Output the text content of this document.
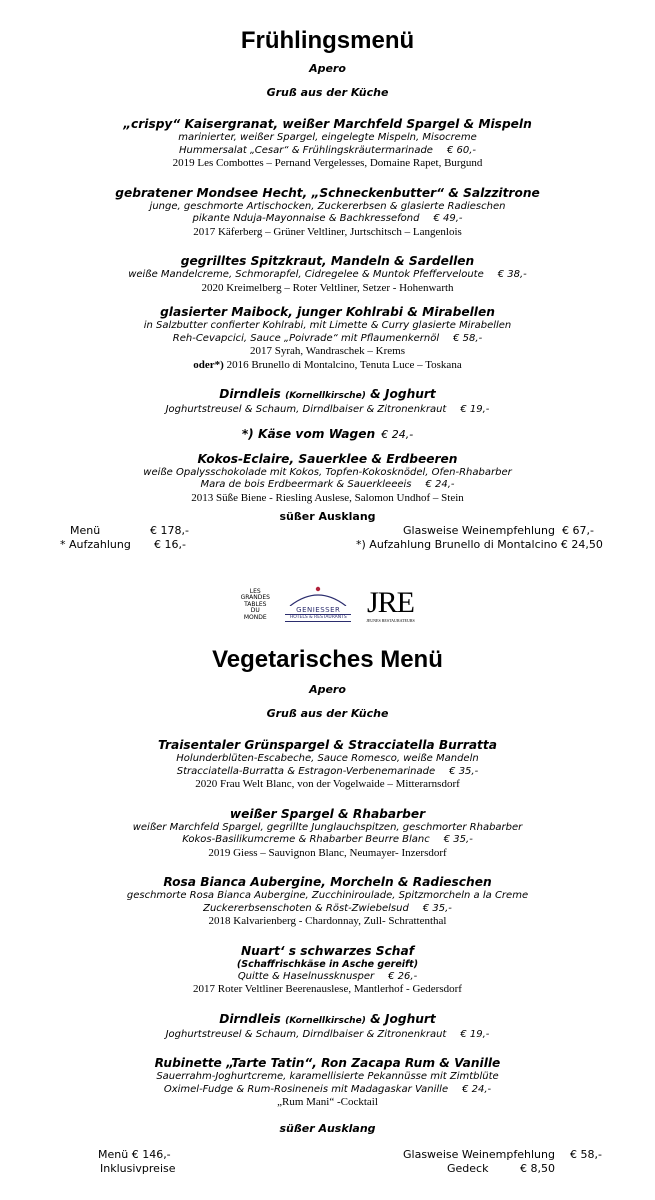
Frühlingsmenü
Apero
Gruß aus der Küche
„crispy“ Kaisergranat, weißer Marchfeld Spargel & Mispeln
marinierter, weißer Spargel, eingelegte Mispeln, Misocreme
Hummersalat „Cesar“ & Frühlingskräutermarinade € 60,-
2019 Les Combottes – Pernand Vergelesses, Domaine Rapet, Burgund
gebratener Mondsee Hecht, „Schneckenbutter“ & Salzzitrone
junge, geschmorte Artischocken, Zuckererbsen & glasierte Radieschen
pikante Nduja-Mayonnaise & Bachkressefond € 49,-
2017 Käferberg – Grüner Veltliner, Jurtschitsch – Langenlois
gegrilltes Spitzkraut, Mandeln & Sardellen
weiße Mandelcreme, Schmorapfel, Cidregelee & Muntok Pfefferveloute € 38,-
2020 Kreimelberg – Roter Veltliner, Setzer - Hohenwarth
glasierter Maibock, junger Kohlrabi & Mirabellen
in Salzbutter confierter Kohlrabi, mit Limette & Curry glasierte Mirabellen
Reh-Cevapcici, Sauce „Poivrade“ mit Pflaumenkernöl € 58,-
2017 Syrah, Wandraschek – Krems
oder*) 2016 Brunello di Montalcino, Tenuta Luce – Toskana
Dirndleis (Kornellkirsche) & Joghurt
Joghurtstreusel & Schaum, Dirndlbaiser & Zitronenkraut € 19,-
*) Käse vom Wagen € 24,-
Kokos-Eclaire, Sauerklee & Erdbeeren
weiße Opalysschokolade mit Kokos, Topfen-Kokosknödel, Ofen-Rhabarber
Mara de bois Erdbeermark & Sauerkleeeis € 24,-
2013 Süße Biene - Riesling Auslese, Salomon Undhof – Stein
süßer Ausklang
Menü	€ 178,-
* Aufzahlung € 16,-
Glasweise Weinempfehlung € 67,-
*) Aufzahlung Brunello di Montalcino € 24,50
LES
GRANDES
TABLES
DU
MONDE
GENIESSER
HOTELS & RESTAURANTS JRE
JEUNES RESTAURATEURS
Vegetarisches Menü
Apero
Gruß aus der Küche
Traisentaler Grünspargel & Stracciatella Burratta
Holunderblüten-Escabeche, Sauce Romesco, weiße Mandeln
Stracciatella-Burratta & Estragon-Verbenemarinade € 35,-
2020 Frau Welt Blanc, von der Vogelwaide – Mitterarnsdorf
weißer Spargel & Rhabarber
weißer Marchfeld Spargel, gegrillte Junglauchspitzen, geschmorter Rhabarber
Kokos-Basilikumcreme & Rhabarber Beurre Blanc € 35,-
2019 Giess – Sauvignon Blanc, Neumayer- Inzersdorf
Rosa Bianca Aubergine, Morcheln & Radieschen
geschmorte Rosa Bianca Aubergine, Zucchiniroulade, Spitzmorcheln a la Creme
Zuckererbsenschoten & Röst-Zwiebelsud € 35,-
2018 Kalvarienberg - Chardonnay, Zull- Schrattenthal
Nuart‘ s schwarzes Schaf
(Schaffrischkäse in Asche gereift)
Quitte & Haselnussknusper € 26,-
2017 Roter Veltliner Beerenauslese, Mantlerhof - Gedersdorf
Dirndleis (Kornellkirsche) & Joghurt
Joghurtstreusel & Schaum, Dirndlbaiser & Zitronenkraut € 19,-
Rubinette „Tarte Tatin“, Ron Zacapa Rum & Vanille
Sauerrahm-Joghurtcreme, karamellisierte Pekannüsse mit Zimtblüte
Oximel-Fudge & Rum-Rosineneis mit Madagaskar Vanille € 24,-
„Rum Mani“ -Cocktail
süßer Ausklang
Menü € 146,-
Inklusivpreise
Glasweise Weinempfehlung € 58,-
Gedeck	€ 8,50
